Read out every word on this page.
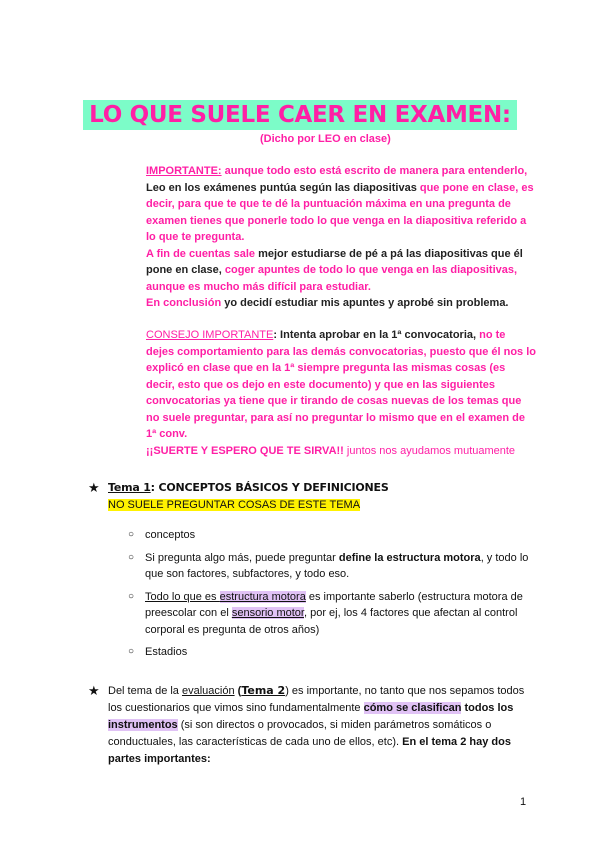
LO QUE SUELE CAER EN EXAMEN:
(Dicho por LEO en clase)

IMPORTANTE: aunque todo esto está escrito de manera para entenderlo, Leo en los exámenes puntúa según las diapositivas que pone en clase, es decir, para que te que te dé la puntuación máxima en una pregunta de examen tienes que ponerle todo lo que venga en la diapositiva referido a lo que te pregunta.

A fin de cuentas sale mejor estudiarse de pé a pá las diapositivas que él pone en clase, coger apuntes de todo lo que venga en las diapositivas, aunque es mucho más difícil para estudiar.

En conclusión yo decidí estudiar mis apuntes y aprobé sin problema.

CONSEJO IMPORTANTE: Intenta aprobar en la 1ª convocatoria, no te dejes comportamiento para las demás convocatorias, puesto que él nos lo explicó en clase que en la 1ª siempre pregunta las mismas cosas (es decir, esto que os dejo en este documento) y que en las siguientes convocatorias ya tiene que ir tirando de cosas nuevas de los temas que no suele preguntar, para así no preguntar lo mismo que en el examen de 1ª conv.

¡¡SUERTE Y ESPERO QUE TE SIRVA!! juntos nos ayudamos mutuamente

★ Tema 1: CONCEPTOS BÁSICOS Y DEFINICIONES
NO SUELE PREGUNTAR COSAS DE ESTE TEMA
○ conceptos
○ Si pregunta algo más, puede preguntar define la estructura motora, y todo lo que son factores, subfactores, y todo eso.
○ Todo lo que es estructura motora es importante saberlo (estructura motora de preescolar con el sensorio motor, por ej, los 4 factores que afectan al control corporal es pregunta de otros años)
○ Estadios
★ Del tema de la evaluación (Tema 2) es importante, no tanto que nos sepamos todos los cuestionarios que vimos sino fundamentalmente cómo se clasifican todos los instrumentos (si son directos o provocados, si miden parámetros somáticos o conductuales, las características de cada uno de ellos, etc). En el tema 2 hay dos partes importantes:
1
